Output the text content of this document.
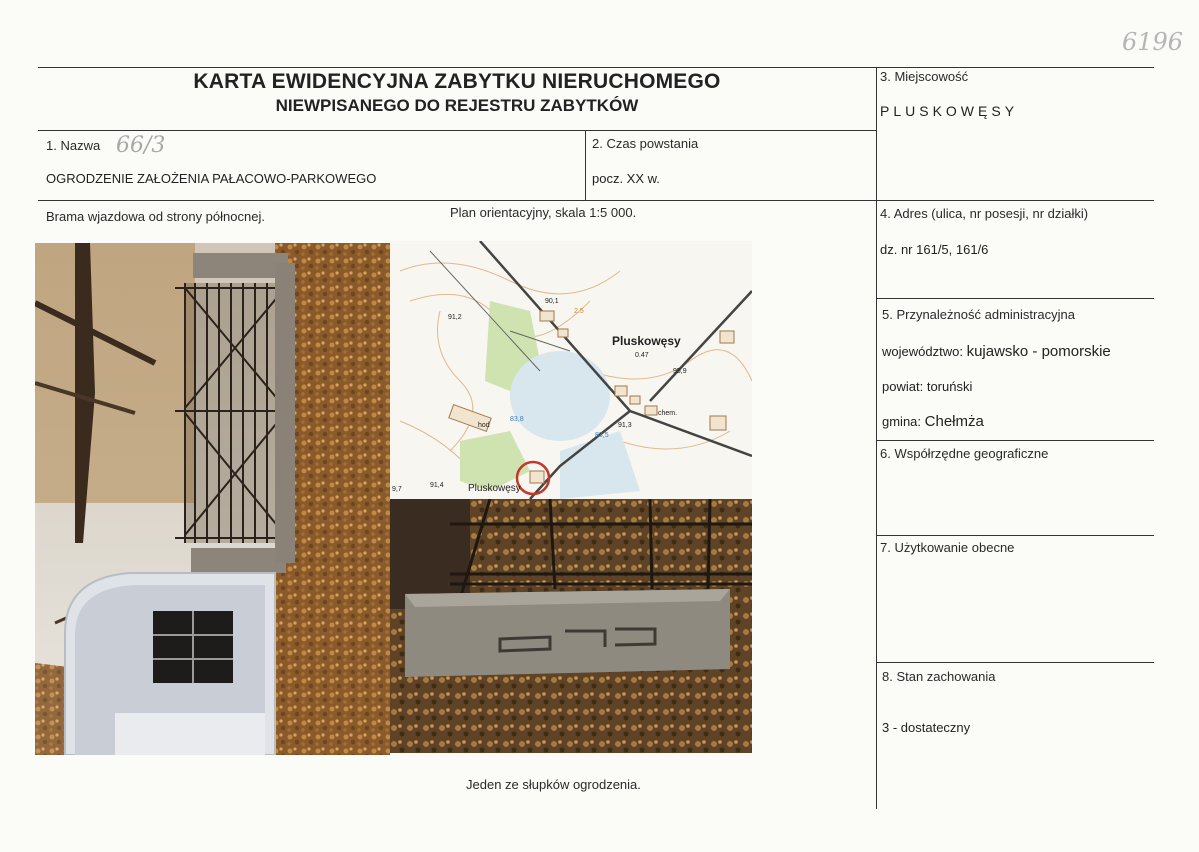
6196
KARTA EWIDENCYJNA ZABYTKU NIERUCHOMEGO
NIEWPISANEGO DO REJESTRU ZABYTKÓW
1. Nazwa 66/3
OGRODZENIE ZAŁOŻENIA PAŁACOWO-PARKOWEGO
2. Czas powstania
pocz. XX w.
3. Miejscowość
PLUSKOWĘSY
4. Adres (ulica, nr posesji, nr działki)
dz. nr 161/5, 161/6
5. Przynależność administracyjna
województwo: kujawsko - pomorskie
powiat: toruński
gmina: Chełmża
6. Współrzędne geograficzne
7. Użytkowanie obecne
8. Stan zachowania
3 - dostateczny
Brama wjazdowa od strony północnej.	Plan orientacyjny, skala 1:5 000.
Jeden ze słupków ogrodzenia.
Pluskowęsy
0.47
Pluskowęsy
91,2
90,1
83,8
83,5
95,9
91,3
91,4
9,7
hod
chem.
2.5
